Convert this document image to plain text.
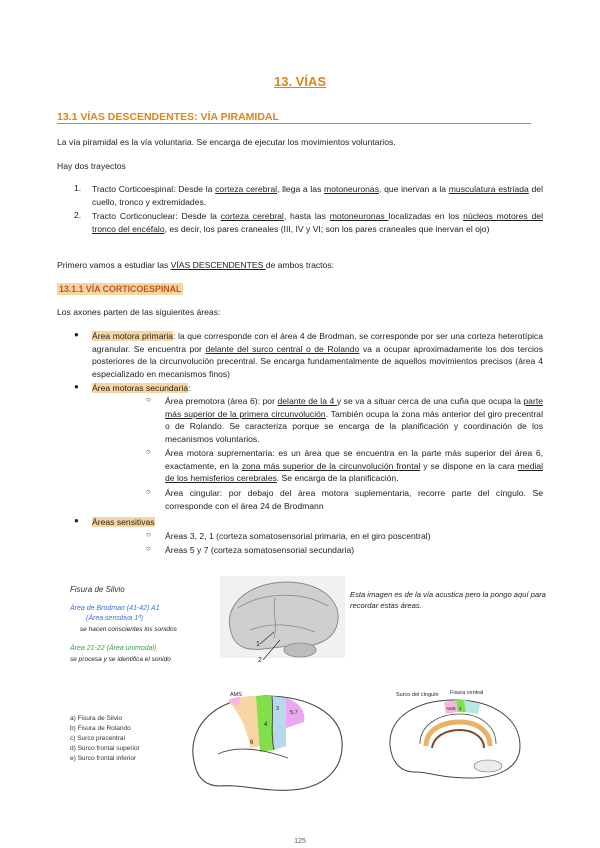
13. VÍAS
13.1 VÍAS DESCENDENTES: VÍA PIRAMIDAL
La vía piramidal es la vía voluntaria. Se encarga de ejecutar los movimientos voluntarios.
Hay dos trayectos
1. Tracto Corticoespinal: Desde la corteza cerebral, llega a las motoneuronas, que inervan a la musculatura estriada del cuello, tronco y extremidades.
2. Tracto Corticonuclear: Desde la corteza cerebral, hasta las motoneuronas localizadas en los núcleos motores del tronco del encéfalo, es decir, los pares craneales (III, IV y VI; son los pares craneales que inervan el ojo)
Primero vamos a estudiar las VÍAS DESCENDENTES de ambos tractos:
13.1.1 VÍA CORTICOESPINAL
Los axones parten de las siguientes áreas:
● Área motora primaria: la que corresponde con el área 4 de Brodman, se corresponde por ser una corteza heterotípica agranular. Se encuentra por delante del surco central o de Rolando va a ocupar aproximadamente los dos tercios posteriores de la circunvolución precentral. Se encarga fundamentalmente de aquellos movimientos precisos (área 4 especializado en mecanismos finos)
● Área motoras secundaria:
○ Área premotora (área 6): por delante de la 4 y se va a situar cerca de una cuña que ocupa la parte más superior de la primera circunvolución. También ocupa la zona más anterior del giro precentral o de Rolando. Se caracteriza porque se encarga de la planificación y coordinación de los mecanismos voluntarios.
○ Área motora suprementaria: es un área que se encuentra en la parte más superior del área 6, exactamente, en la zona más superior de la circunvolución frontal y se dispone en la cara medial de los hemisferios cerebrales. Se encarga de la planificación.
○ Área cingular: por debajo del área motora suplementaria, recorre parte del cíngulo. Se corresponde con el área 24 de Brodmann
● Áreas sensitivas
○ Áreas 3, 2, 1 (corteza somatosensorial primaria, en el giro poscentral)
○ Áreas 5 y 7 (corteza somatosensorial secundaria)
Fisura de Silvio
Área de Brodman (41-42) A1
(Área sensitiva 1ª)
se hacen conscientes los sonidos
Área 21-22 (Área unimodal)
se procesa y se identifica el sonido
1
2
Esta imagen es de la vía acustica pero la pongo aquí para recordar estas áreas.
a) Fisura de Silvio
b) Fisura de Rolando
c) Surco precentral
d) Surco frontal superior
e) Surco frontal inferior
AMS
4
6
3
5,7
Surco del cíngulo Fisura central
AMS 4
125
